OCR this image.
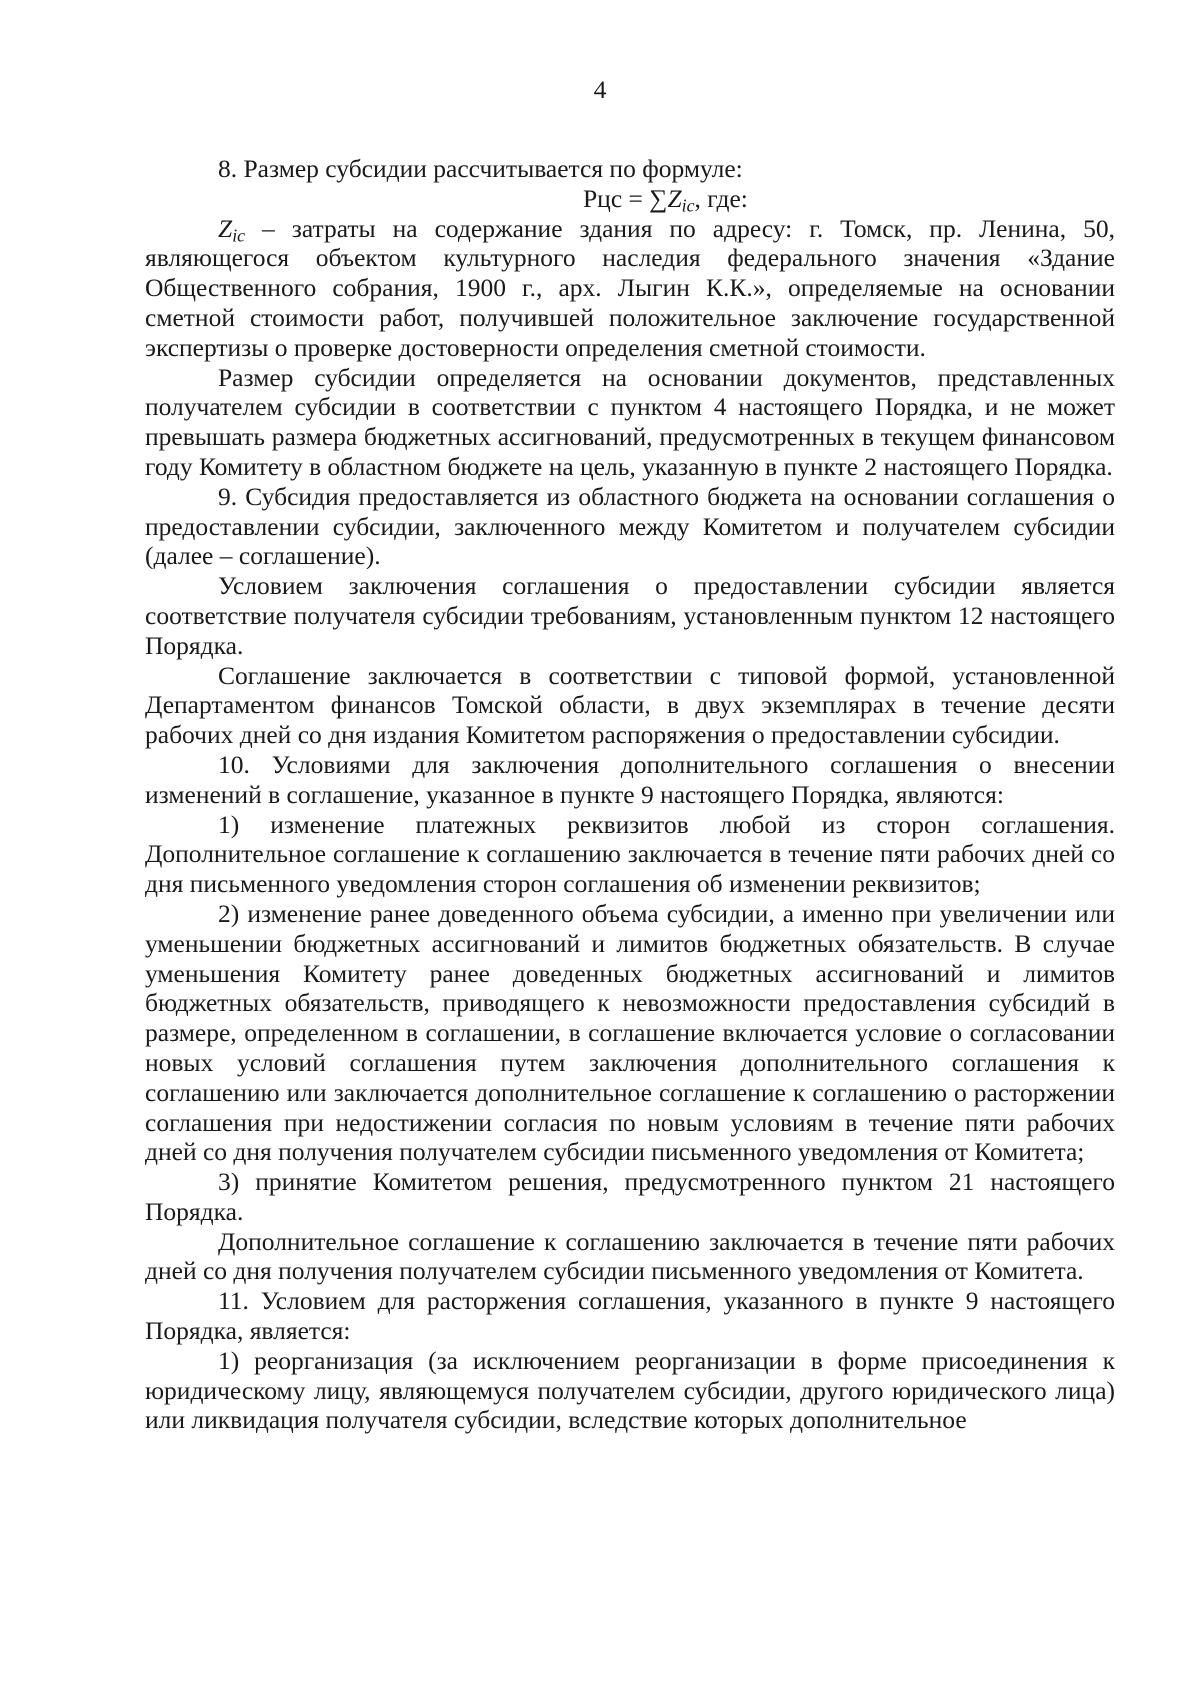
4

8. Размер субсидии рассчитывается по формуле:

Рцс = $\sum Z_{ic}$, где:

$Z_{ic}$ – затраты на содержание здания по адресу: г. Томск, пр. Ленина, 50, являющегося объектом культурного наследия федерального значения «Здание Общественного собрания, 1900 г., арх. Лыгин К.К.», определяемые на основании сметной стоимости работ, получившей положительное заключение государственной экспертизы о проверке достоверности определения сметной стоимости.

Размер субсидии определяется на основании документов, представленных получателем субсидии в соответствии с пунктом 4 настоящего Порядка, и не может превышать размера бюджетных ассигнований, предусмотренных в текущем финансовом году Комитету в областном бюджете на цель, указанную в пункте 2 настоящего Порядка.

9. Субсидия предоставляется из областного бюджета на основании соглашения о предоставлении субсидии, заключенного между Комитетом и получателем субсидии (далее – соглашение).

Условием заключения соглашения о предоставлении субсидии является соответствие получателя субсидии требованиям, установленным пунктом 12 настоящего Порядка.

Соглашение заключается в соответствии с типовой формой, установленной Департаментом финансов Томской области, в двух экземплярах в течение десяти рабочих дней со дня издания Комитетом распоряжения о предоставлении субсидии.

10. Условиями для заключения дополнительного соглашения о внесении изменений в соглашение, указанное в пункте 9 настоящего Порядка, являются:

1) изменение платежных реквизитов любой из сторон соглашения. Дополнительное соглашение к соглашению заключается в течение пяти рабочих дней со дня письменного уведомления сторон соглашения об изменении реквизитов;

2) изменение ранее доведенного объема субсидии, а именно при увеличении или уменьшении бюджетных ассигнований и лимитов бюджетных обязательств. В случае уменьшения Комитету ранее доведенных бюджетных ассигнований и лимитов бюджетных обязательств, приводящего к невозможности предоставления субсидий в размере, определенном в соглашении, в соглашение включается условие о согласовании новых условий соглашения путем заключения дополнительного соглашения к соглашению или заключается дополнительное соглашение к соглашению о расторжении соглашения при недостижении согласия по новым условиям в течение пяти рабочих дней со дня получения получателем субсидии письменного уведомления от Комитета;

3) принятие Комитетом решения, предусмотренного пунктом 21 настоящего Порядка.

Дополнительное соглашение к соглашению заключается в течение пяти рабочих дней со дня получения получателем субсидии письменного уведомления от Комитета.

11. Условием для расторжения соглашения, указанного в пункте 9 настоящего Порядка, является:

1) реорганизация (за исключением реорганизации в форме присоединения к юридическому лицу, являющемуся получателем субсидии, другого юридического лица) или ликвидация получателя субсидии, вследствие которых дополнительное
